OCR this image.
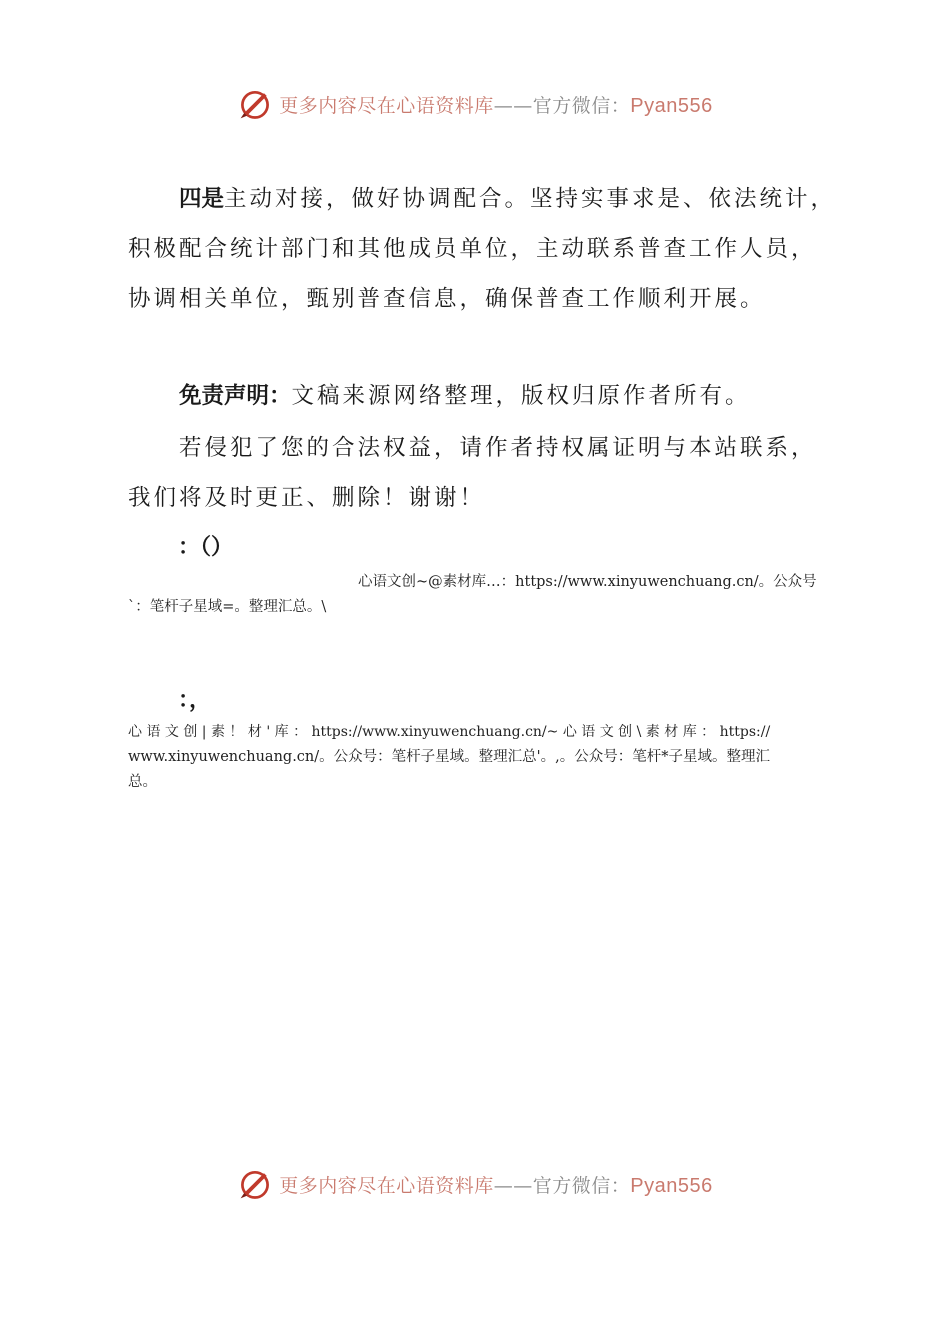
更多内容尽在心语资料库——官方微信：Pyan556
四是主动对接，做好协调配合。坚持实事求是、依法统计，
积极配合统计部门和其他成员单位，主动联系普查工作人员，
协调相关单位，甄别普查信息，确保普查工作顺利开展。
免责声明：文稿来源网络整理，版权归原作者所有。
若侵犯了您的合法权益，请作者持权属证明与本站联系，
我们将及时更正、删除！谢谢！
：（）
心语文创~@素材库…：https://www.xinyuwenchuang.cn/。公众号
`：笔杆子星域=。整理汇总。\
：，
心 语 文 创 | 素 ！ 材 ' 库 ： https://www.xinyuwenchuang.cn/~ 心 语 文 创 \ 素 材 库 ： https://
www.xinyuwenchuang.cn/。公众号：笔杆子星域。整理汇总'。,。公众号：笔杆*子星域。整理汇
总。
更多内容尽在心语资料库——官方微信：Pyan556
